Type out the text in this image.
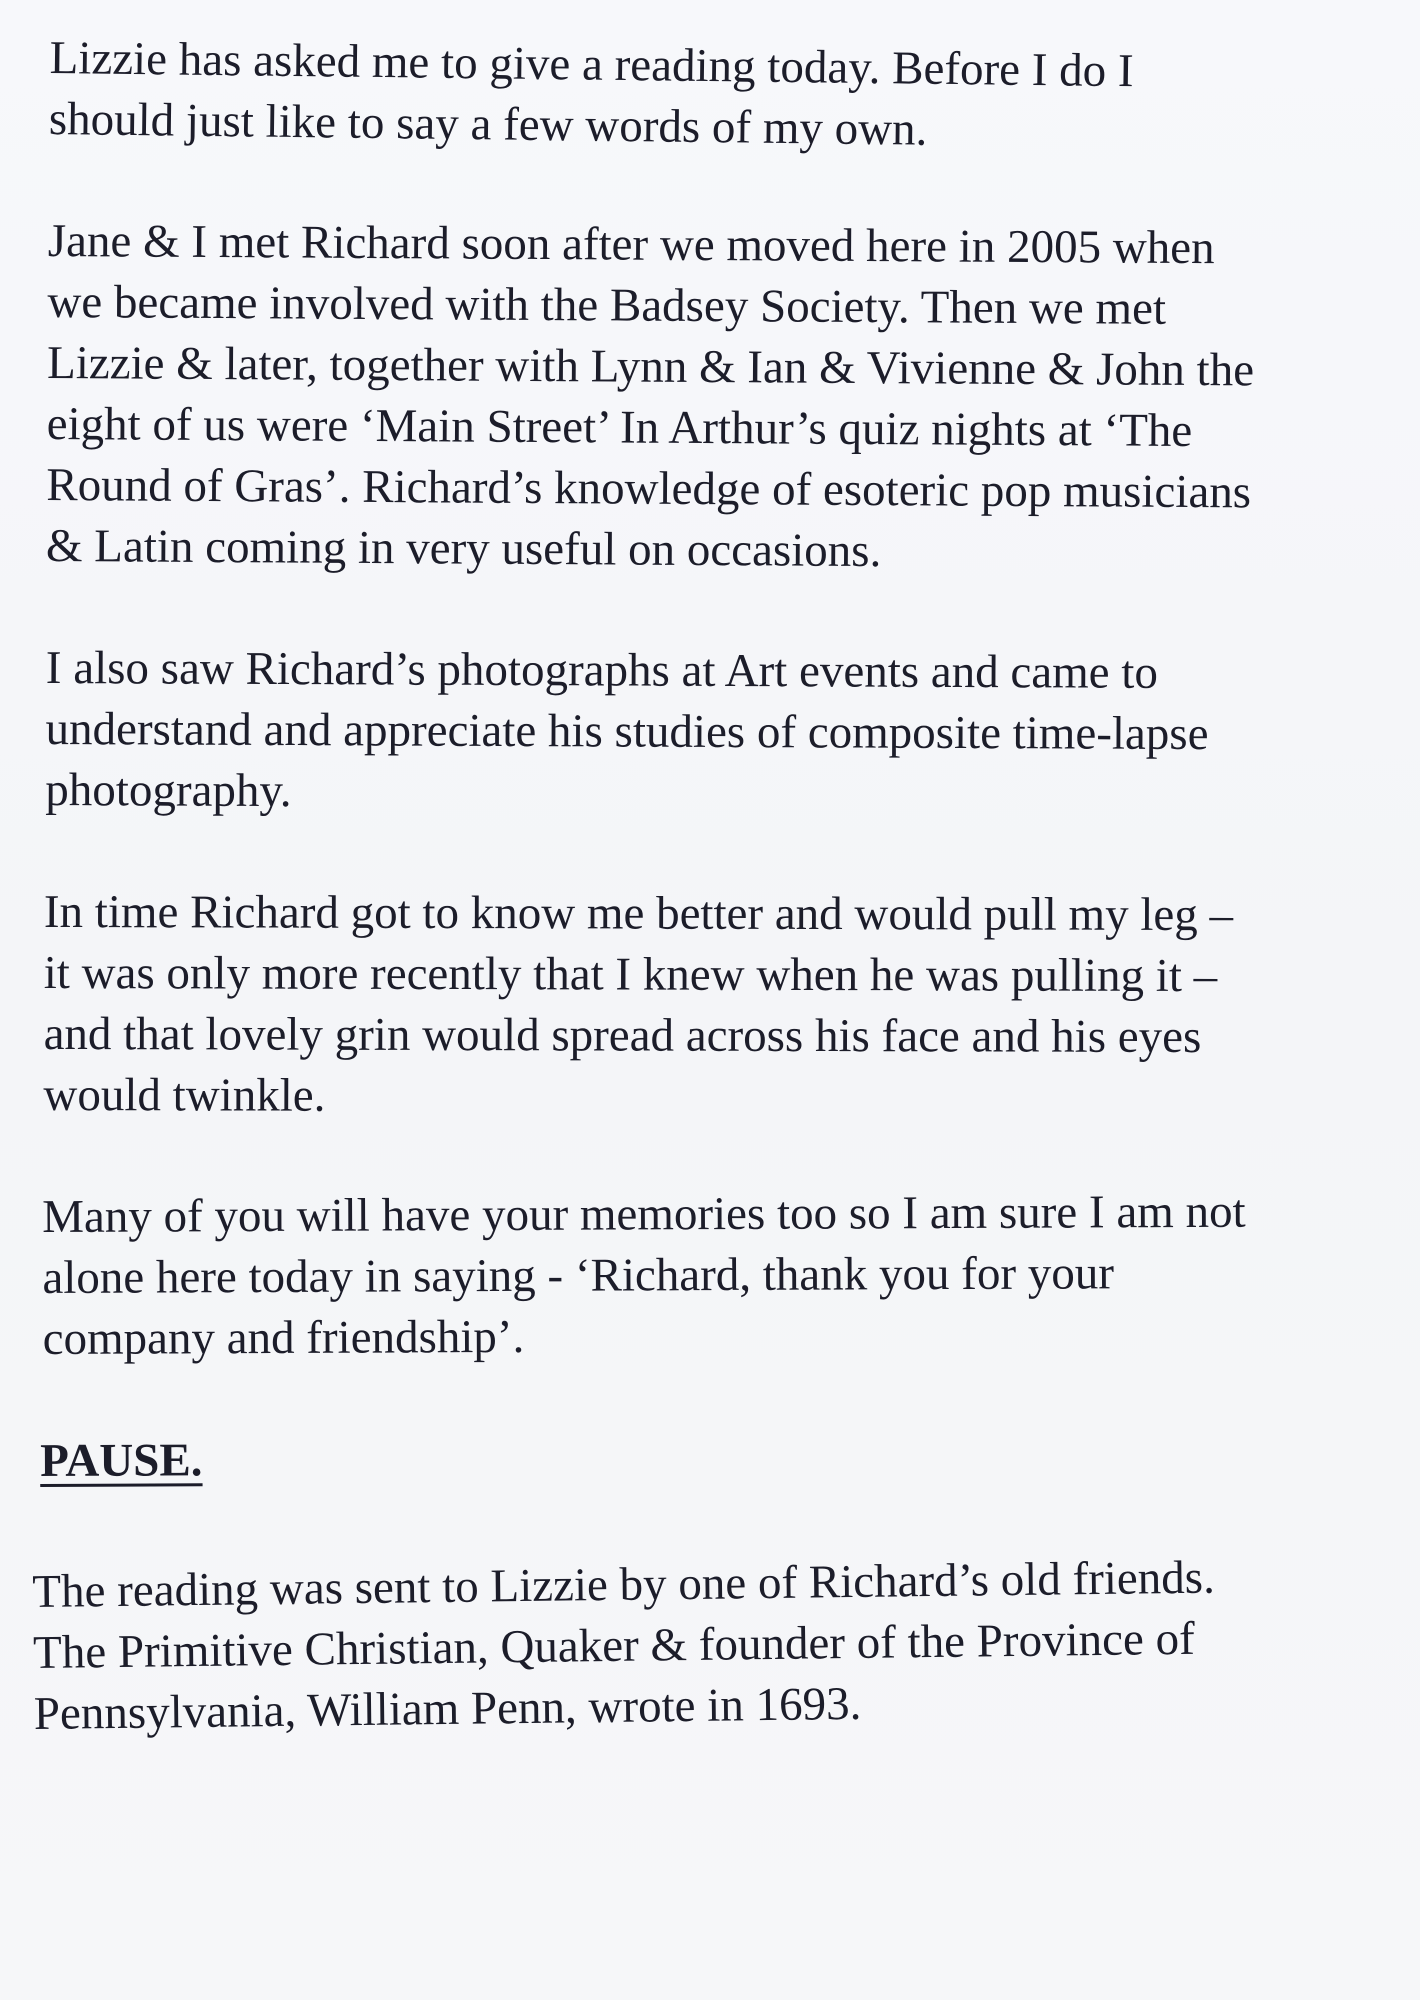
Lizzie has asked me to give a reading today. Before I do I
should just like to say a few words of my own.
Jane & I met Richard soon after we moved here in 2005 when
we became involved with the Badsey Society. Then we met
Lizzie & later, together with Lynn & Ian & Vivienne & John the
eight of us were ‘Main Street’ In Arthur’s quiz nights at ‘The
Round of Gras’. Richard’s knowledge of esoteric pop musicians
& Latin coming in very useful on occasions.
I also saw Richard’s photographs at Art events and came to
understand and appreciate his studies of composite time-lapse
photography.
In time Richard got to know me better and would pull my leg –
it was only more recently that I knew when he was pulling it –
and that lovely grin would spread across his face and his eyes
would twinkle.
Many of you will have your memories too so I am sure I am not
alone here today in saying - ‘Richard, thank you for your
company and friendship’.
PAUSE.
The reading was sent to Lizzie by one of Richard’s old friends.
The Primitive Christian, Quaker & founder of the Province of
Pennsylvania, William Penn, wrote in 1693.
